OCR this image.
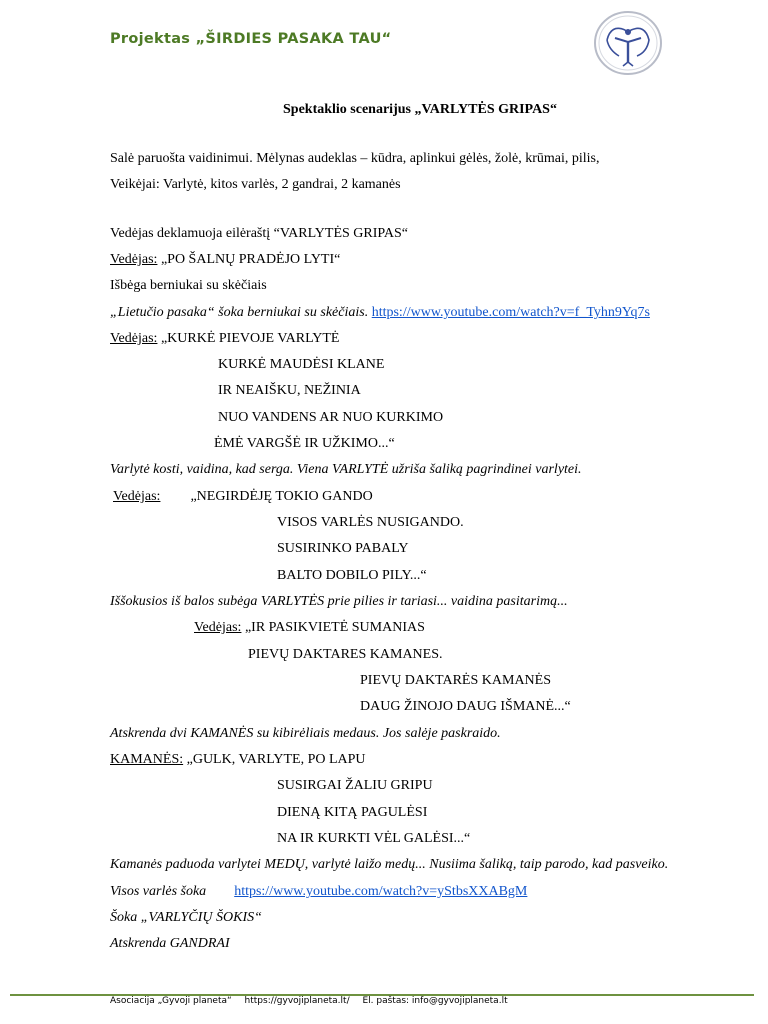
Projektas „ŠIRDIES PASAKA TAU“
Spektaklio scenarijus „VARLYTĖS GRIPAS“
Salė paruošta vaidinimui. Mėlynas audeklas – kūdra, aplinkui gėlės, žolė, krūmai, pilis,
Veikėjai: Varlytė, kitos varlės, 2 gandrai, 2 kamanės
Vedėjas deklamuoja eilėraštį “VARLYTĖS GRIPAS“
Vedėjas: „PO ŠALNŲ PRADĖJO LYTI“
Išbėga berniukai su skėčiais
„Lietučio pasaka“ šoka berniukai su skėčiais. https://www.youtube.com/watch?v=f_Tyhn9Yq7s
Vedėjas: „KURKĖ PIEVOJE VARLYTĖ
KURKĖ MAUDĖSI KLANE
IR NEAIŠKU, NEŽINIA
NUO VANDENS AR NUO KURKIMO
ĖMĖ VARGŠĖ IR UŽKIMO...“
Varlytė kosti, vaidina, kad serga. Viena VARLYTĖ užriša šaliką pagrindinei varlytei.
Vedėjas: „NEGIRDĖJĘ TOKIO GANDO
VISOS VARLĖS NUSIGANDO.
SUSIRINKO PABALY
BALTO DOBILO PILY...“
Iššokusios iš balos subėga VARLYTĖS prie pilies ir tariasi... vaidina pasitarimą...
Vedėjas: „IR PASIKVIETĖ SUMANIAS
PIEVŲ DAKTARES KAMANES.
PIEVŲ DAKTARĖS KAMANĖS
DAUG ŽINOJO DAUG IŠMANĖ...“
Atskrenda dvi KAMANĖS su kibirėliais medaus. Jos salėje paskraido.
KAMANĖS: „GULK, VARLYTE, PO LAPU
SUSIRGAI ŽALIU GRIPU
DIENĄ KITĄ PAGULĖSI
NA IR KURKTI VĖL GALĖSI...“
Kamanės paduoda varlytei MEDŲ, varlytė laižo medų... Nusiima šaliką, taip parodo, kad pasveiko.
Visos varlės šoka https://www.youtube.com/watch?v=yStbsXXABgM
Šoka „VARLYČIŲ ŠOKIS“
Atskrenda GANDRAI
Asociacija „Gyvoji planeta“ https://gyvojiplaneta.lt/ El. paštas: info@gyvojiplaneta.lt
